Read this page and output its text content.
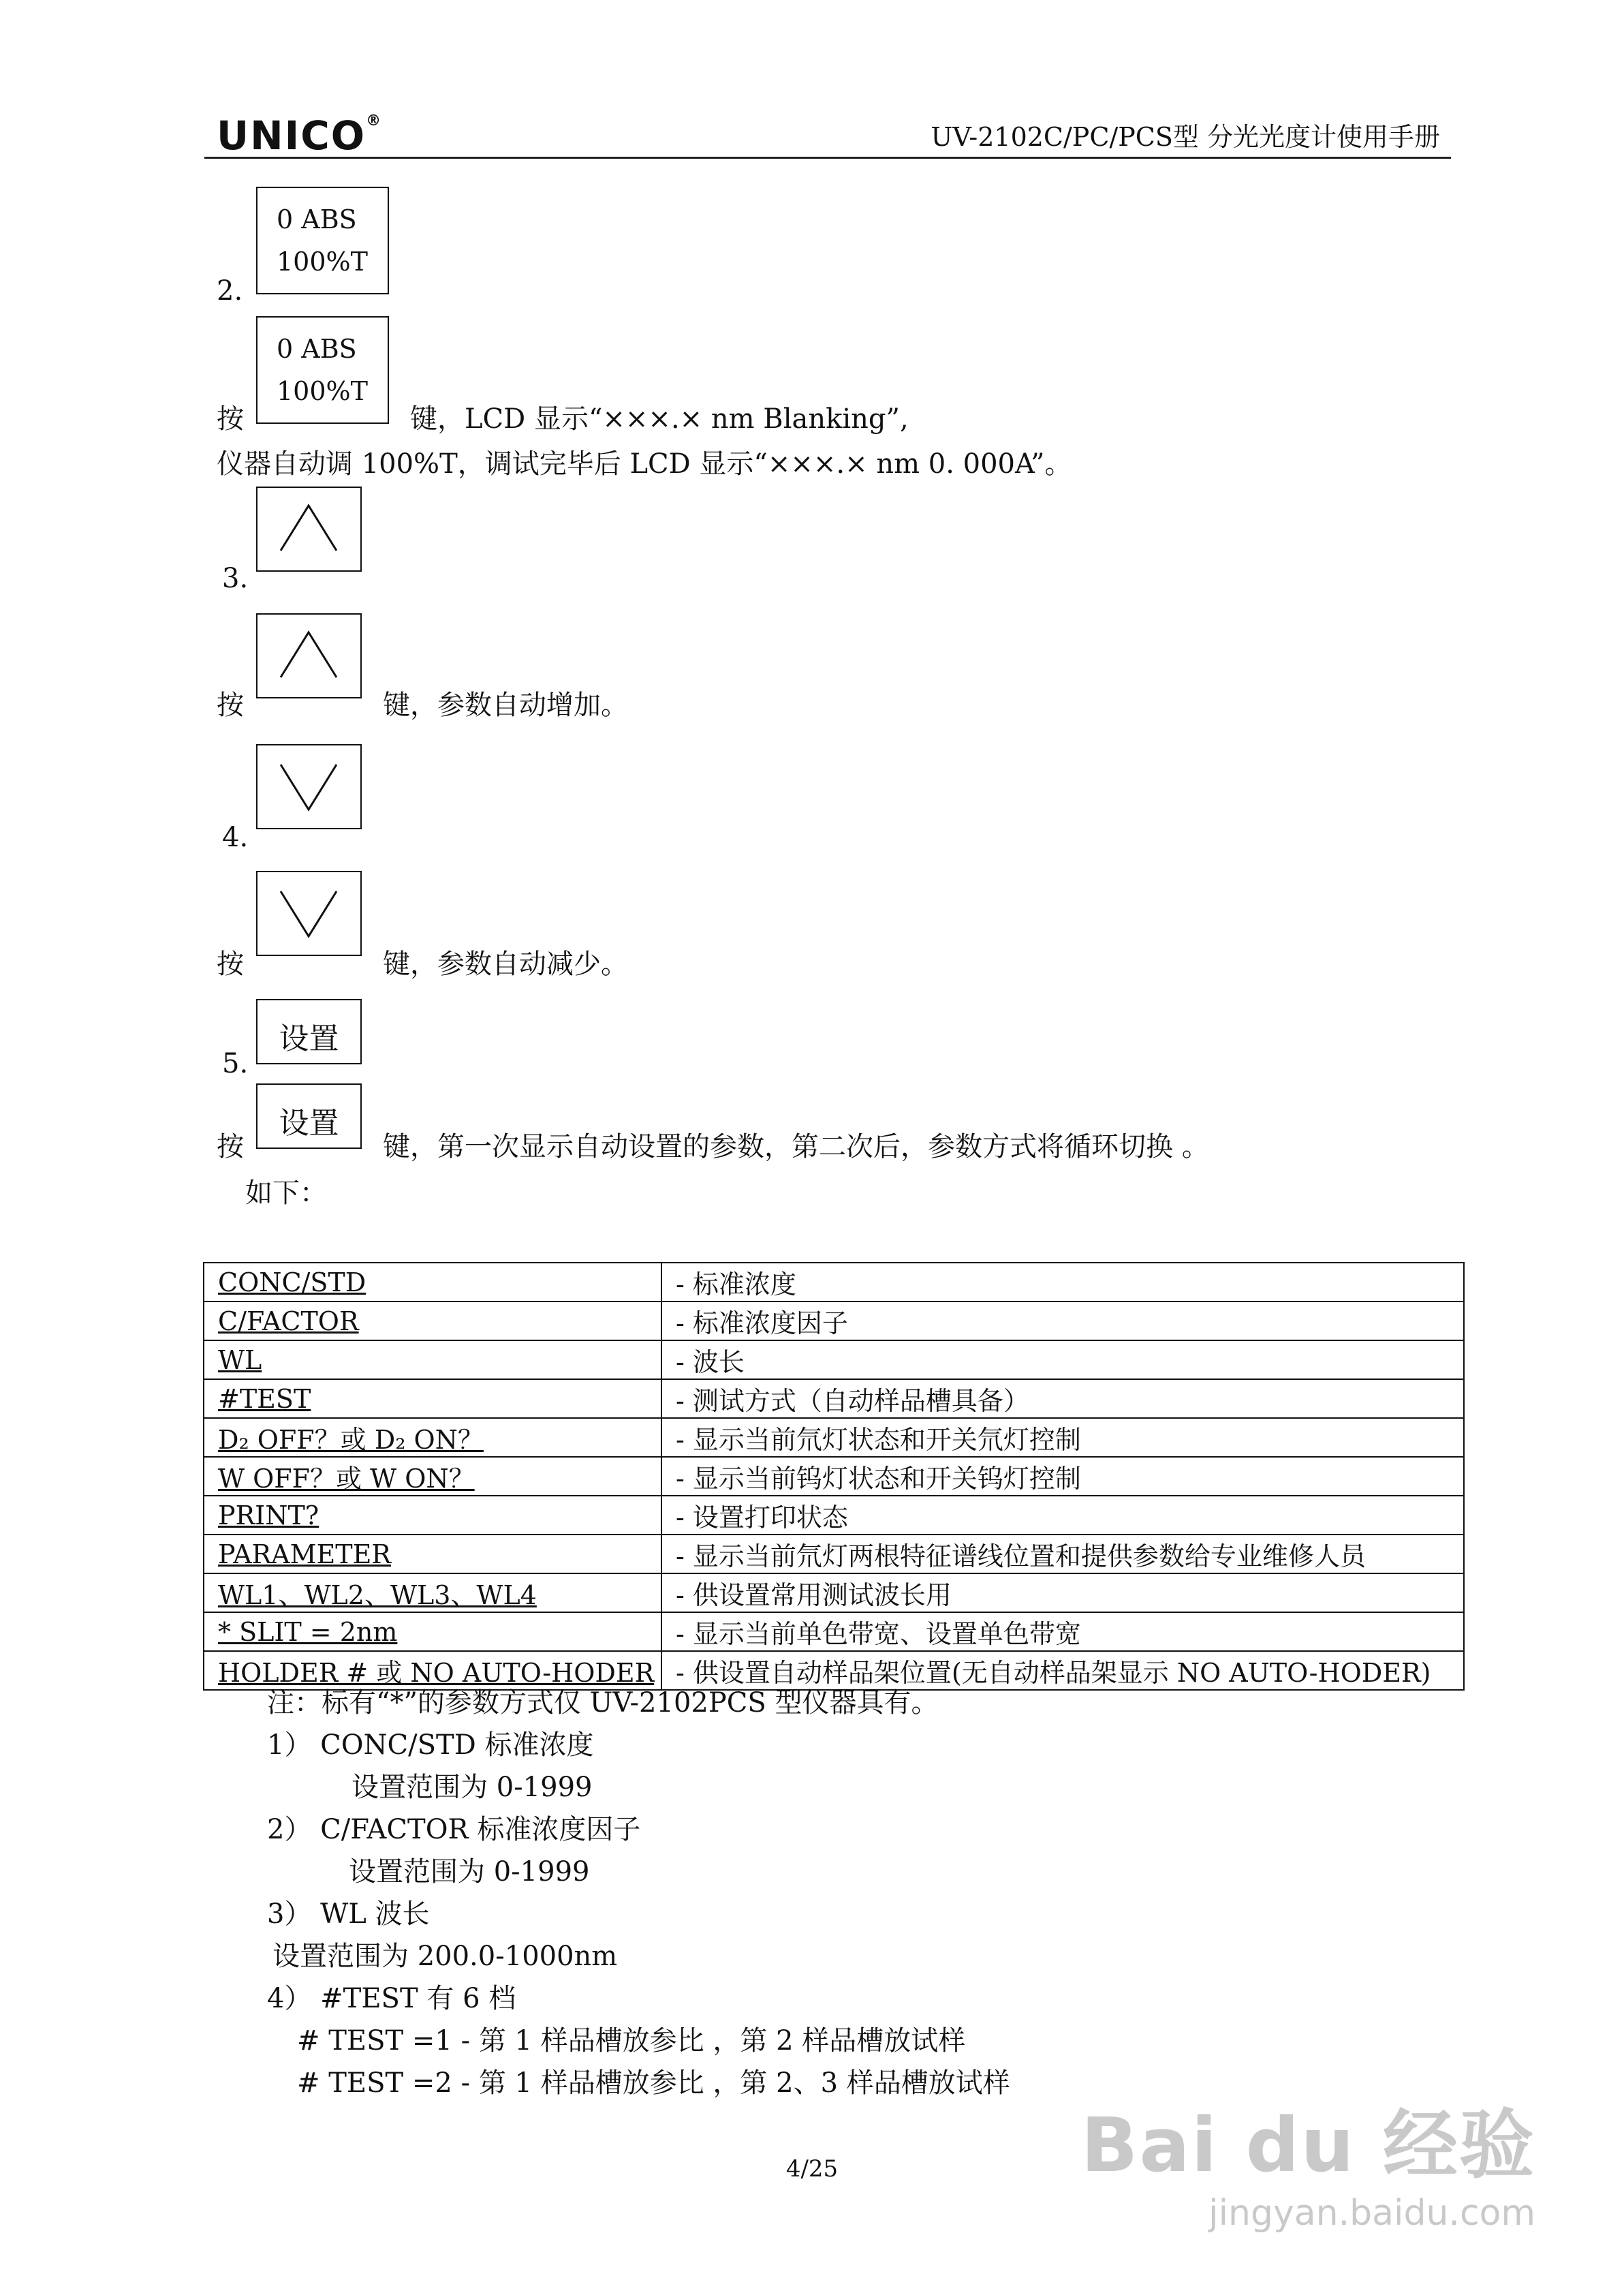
UNICO®
UV-2102C/PC/PCS型 分光光度计使用手册
0 ABS
100%T
2.
0 ABS
100%T
按	键，LCD 显示“×××.× nm Blanking”,
仪器自动调 100%T，调试完毕后 LCD 显示“×××.× nm 0. 000A”。
3.
按	键，参数自动增加。
4.
按	键，参数自动减少。
设置
5.
设置
按	键，第一次显示自动设置的参数，第二次后，参数方式将循环切换 。
如下：
CONC/STD	- 标准浓度
C/FACTOR	- 标准浓度因子
WL	- 波长
#TEST	- 测试方式（自动样品槽具备）
D₂ OFF？或 D₂ ON？	- 显示当前氘灯状态和开关氘灯控制
W OFF？或 W ON？	- 显示当前钨灯状态和开关钨灯控制
PRINT?	- 设置打印状态
PARAMETER	- 显示当前氘灯两根特征谱线位置和提供参数给专业维修人员
WL1、WL2、WL3、WL4	- 供设置常用测试波长用
* SLIT = 2nm	- 显示当前单色带宽、设置单色带宽
HOLDER # 或 NO AUTO-HODER	- 供设置自动样品架位置(无自动样品架显示 NO AUTO-HODER)
注：标有“*”的参数方式仅 UV-2102PCS 型仪器具有。
1） CONC/STD 标准浓度
设置范围为 0-1999
2） C/FACTOR 标准浓度因子
设置范围为 0-1999
3） WL 波长
设置范围为 200.0-1000nm
4） #TEST 有 6 档
# TEST =1 - 第 1 样品槽放参比 ，第 2 样品槽放试样
# TEST =2 - 第 1 样品槽放参比 ，第 2、3 样品槽放试样
4/25	Bai du 经验
jingyan.baidu.com
